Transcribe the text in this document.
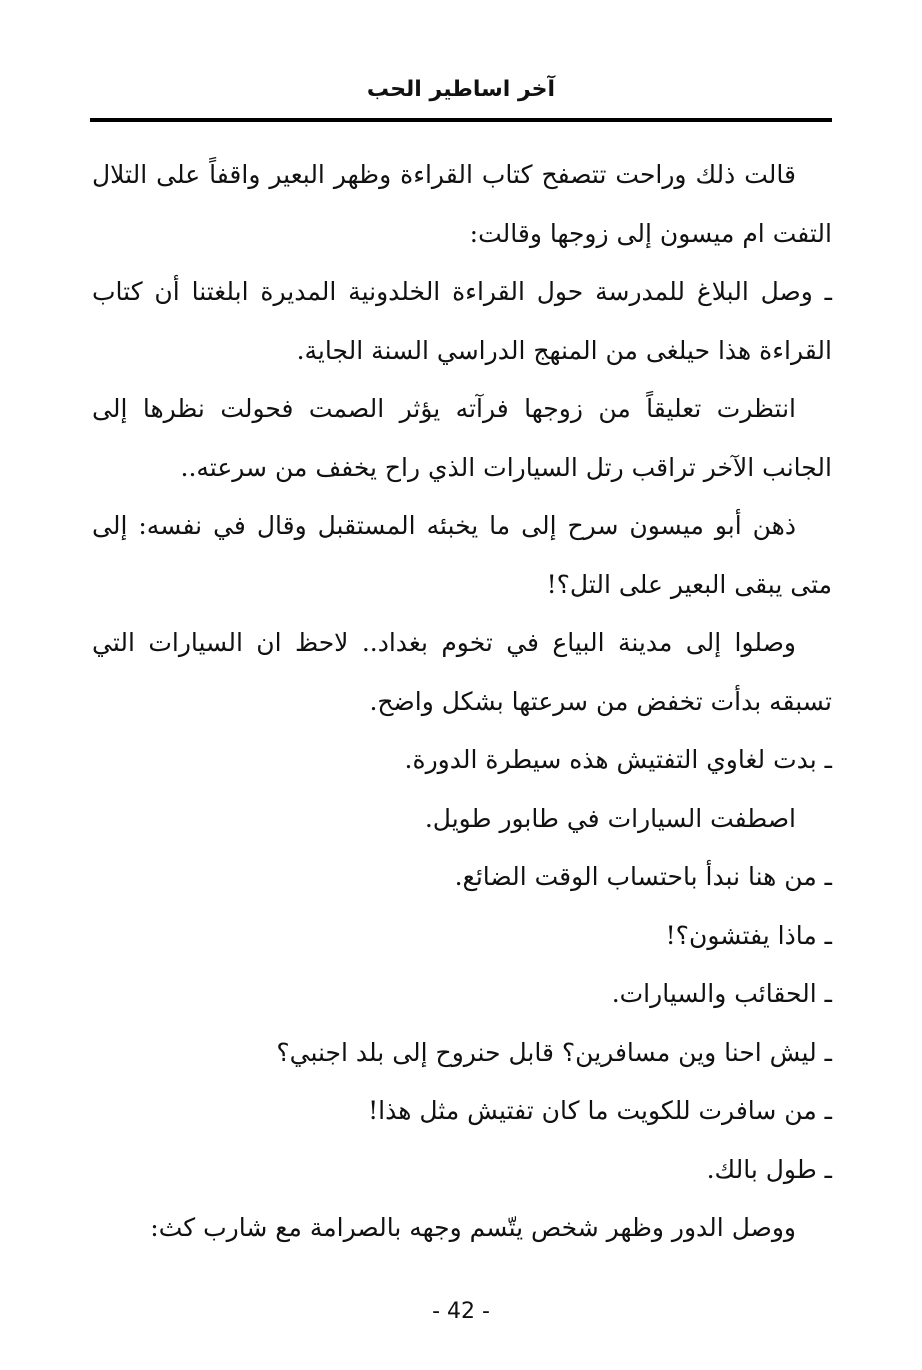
آخر اساطير الحب

قالت ذلك وراحت تتصفح كتاب القراءة وظهر البعير واقفاً على التلال التفت ام ميسون إلى زوجها وقالت:

ـ وصل البلاغ للمدرسة حول القراءة الخلدونية المديرة ابلغتنا أن كتاب القراءة هذا حيلغى من المنهج الدراسي السنة الجاية.

انتظرت تعليقاً من زوجها فرآته يؤثر الصمت فحولت نظرها إلى الجانب الآخر تراقب رتل السيارات الذي راح يخفف من سرعته..

ذهن أبو ميسون سرح إلى ما يخبئه المستقبل وقال في نفسه: إلى متى يبقى البعير على التل؟!

وصلوا إلى مدينة البياع في تخوم بغداد.. لاحظ ان السيارات التي تسبقه بدأت تخفض من سرعتها بشكل واضح.

ـ بدت لغاوي التفتيش هذه سيطرة الدورة.

اصطفت السيارات في طابور طويل.

ـ من هنا نبدأ باحتساب الوقت الضائع.

ـ ماذا يفتشون؟!

ـ الحقائب والسيارات.

ـ ليش احنا وين مسافرين؟ قابل حنروح إلى بلد اجنبي؟

ـ من سافرت للكويت ما كان تفتيش مثل هذا!

ـ طول بالك.

ووصل الدور وظهر شخص يتّسم وجهه بالصرامة مع شارب كث:

- 42 -
